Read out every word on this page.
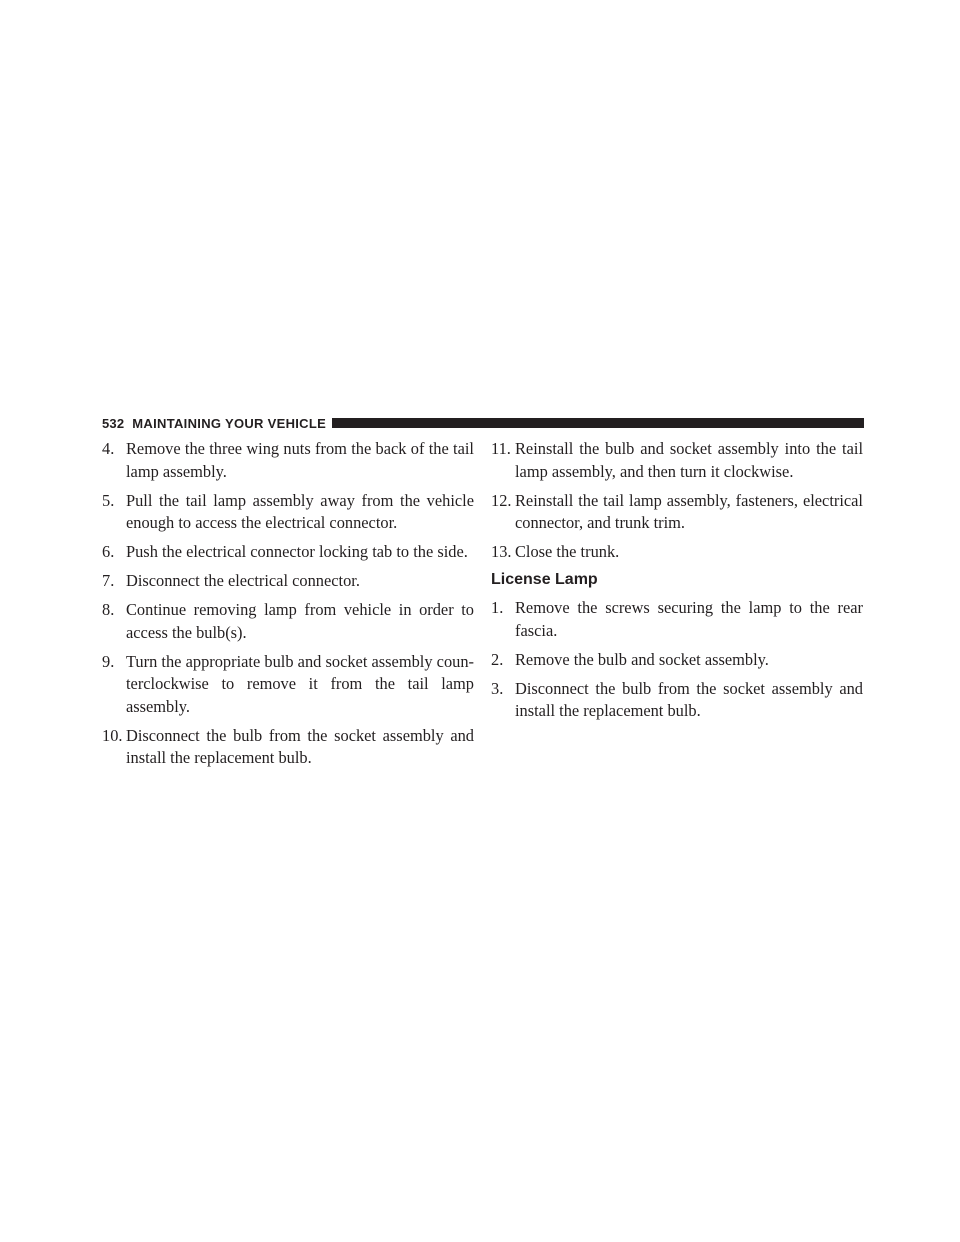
532 MAINTAINING YOUR VEHICLE
4. Remove the three wing nuts from the back of the tail lamp assembly.
5. Pull the tail lamp assembly away from the vehicle enough to access the electrical connector.
6. Push the electrical connector locking tab to the side.
7. Disconnect the electrical connector.
8. Continue removing lamp from vehicle in order to access the bulb(s).
9. Turn the appropriate bulb and socket assembly coun-terclockwise to remove it from the tail lamp assembly.
10. Disconnect the bulb from the socket assembly and install the replacement bulb.
11. Reinstall the bulb and socket assembly into the tail lamp assembly, and then turn it clockwise.
12. Reinstall the tail lamp assembly, fasteners, electrical connector, and trunk trim.
13. Close the trunk.
License Lamp
1. Remove the screws securing the lamp to the rear fascia.
2. Remove the bulb and socket assembly.
3. Disconnect the bulb from the socket assembly and install the replacement bulb.
